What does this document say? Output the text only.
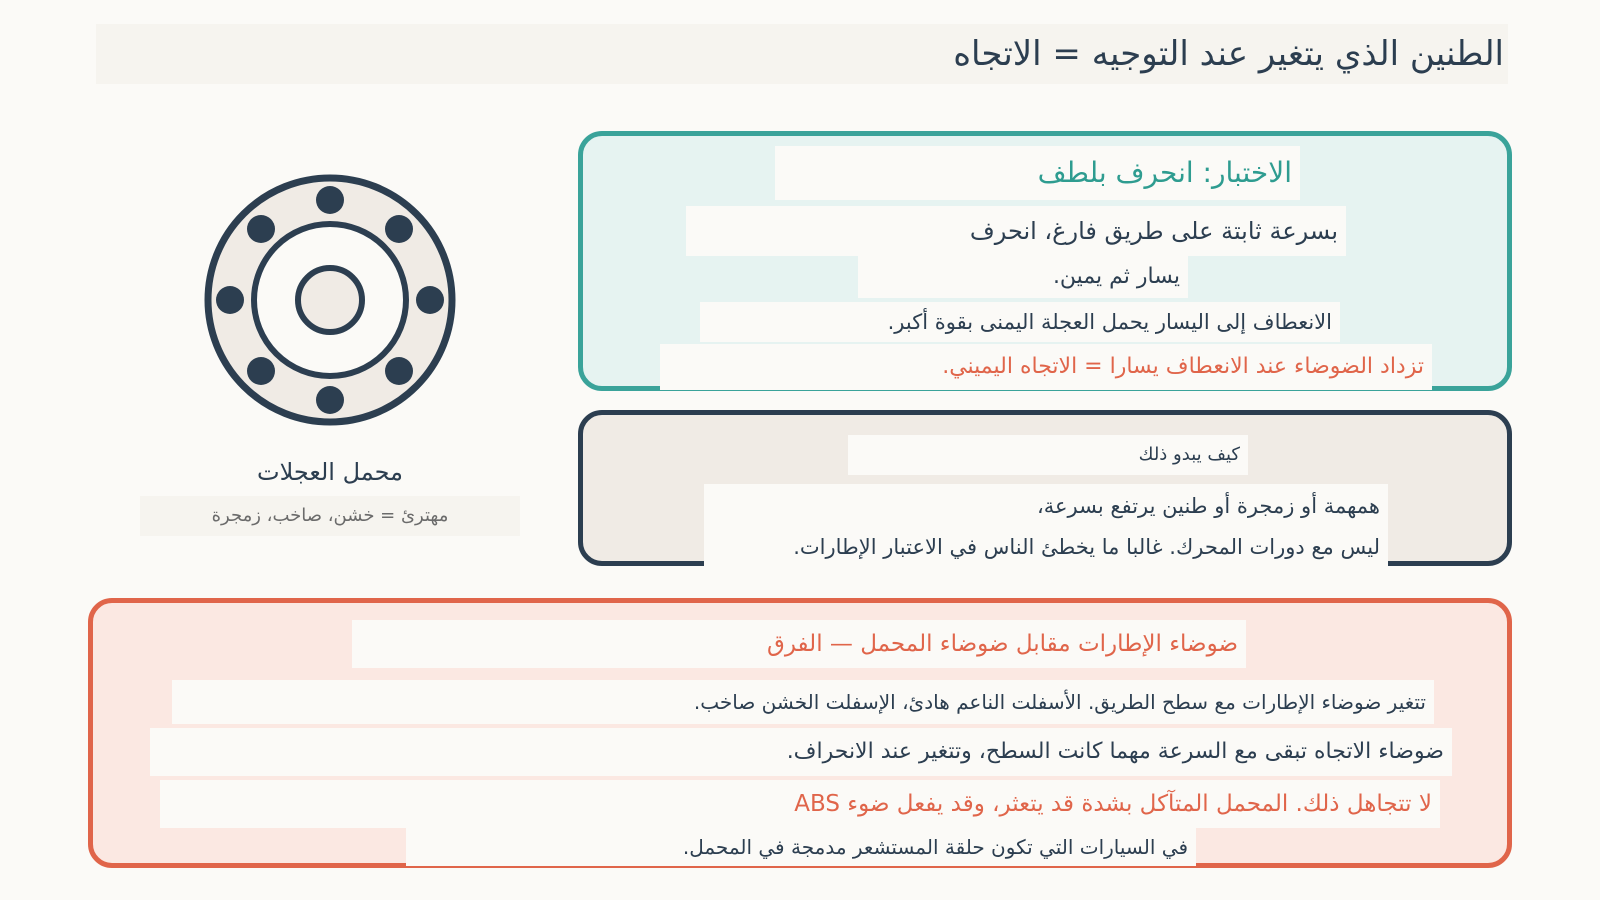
الطنين الذي يتغير عند التوجيه = الاتجاه
محمل العجلات
مهترئ = خشن، صاخب، زمجرة
الاختبار: انحرف بلطف
بسرعة ثابتة على طريق فارغ، انحرف
يسار ثم يمين.
الانعطاف إلى اليسار يحمل العجلة اليمنى بقوة أكبر.
تزداد الضوضاء عند الانعطاف يسارا = الاتجاه اليميني.
كيف يبدو ذلك
همهمة أو زمجرة أو طنين يرتفع بسرعة،
ليس مع دورات المحرك. غالبا ما يخطئ الناس في الاعتبار الإطارات.
ضوضاء الإطارات مقابل ضوضاء المحمل — الفرق
تتغير ضوضاء الإطارات مع سطح الطريق. الأسفلت الناعم هادئ، الإسفلت الخشن صاخب.
ضوضاء الاتجاه تبقى مع السرعة مهما كانت السطح، وتتغير عند الانحراف.
لا تتجاهل ذلك. المحمل المتآكل بشدة قد يتعثر، وقد يفعل ضوء ABS
في السيارات التي تكون حلقة المستشعر مدمجة في المحمل.
